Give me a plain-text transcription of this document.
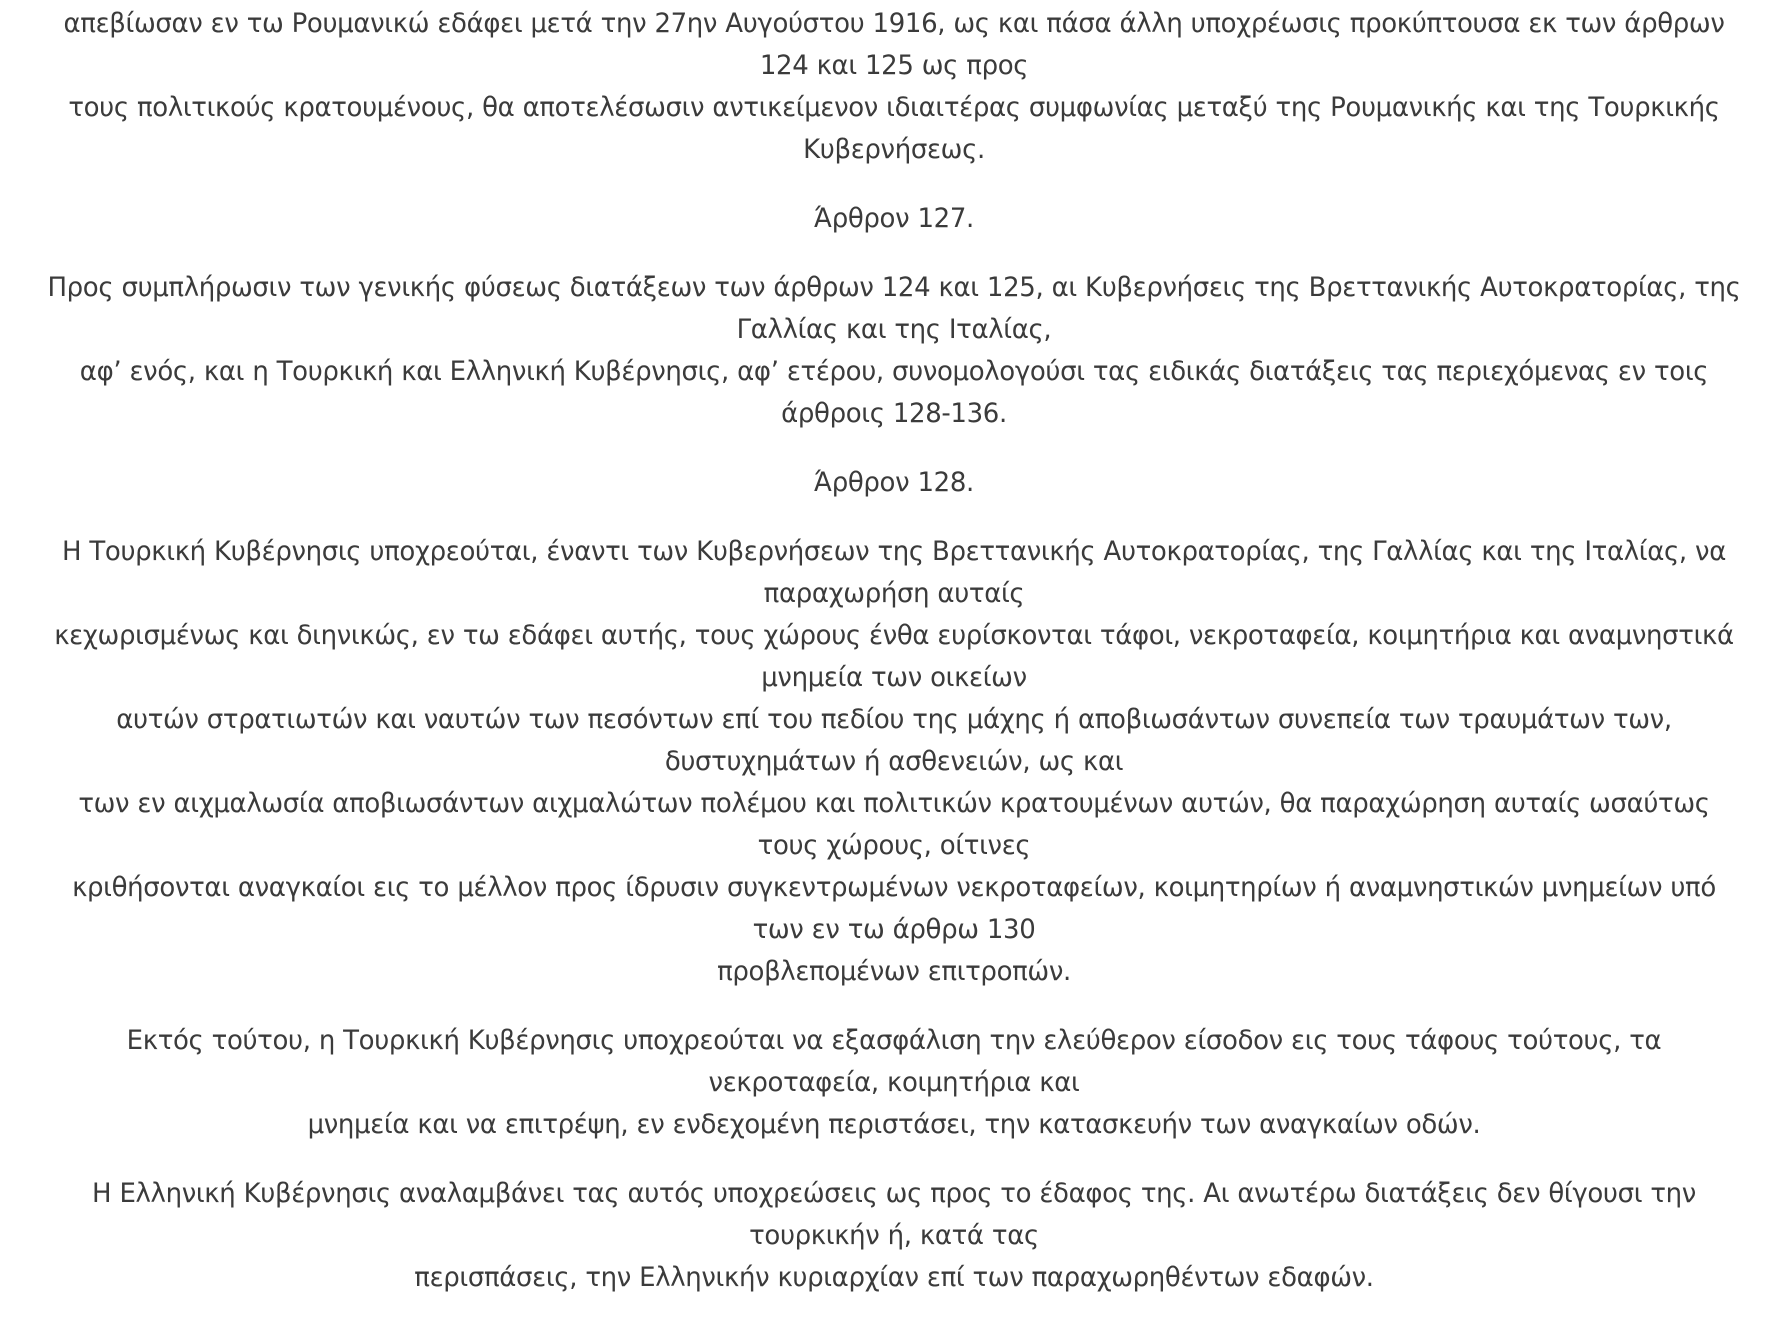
απεβίωσαν εν τω Ρουμανικώ εδάφει μετά την 27ην Αυγούστου 1916, ως και πάσα άλλη υποχρέωσις προκύπτουσα εκ των άρθρων 124 και 125 ως προς τους πολιτικούς κρατουμένους, θα αποτελέσωσιν αντικείμενον ιδιαιτέρας συμφωνίας μεταξύ της Ρουμανικής και της Τουρκικής Κυβερνήσεως.

Άρθρον 127.

Προς συμπλήρωσιν των γενικής φύσεως διατάξεων των άρθρων 124 και 125, αι Κυβερνήσεις της Βρεττανικής Αυτοκρατορίας, της Γαλλίας και της Ιταλίας, αφ’ ενός, και η Τουρκική και Ελληνική Κυβέρνησις, αφ’ ετέρου, συνομολογούσι τας ειδικάς διατάξεις τας περιεχόμενας εν τοις άρθροις 128-136.

Άρθρον 128.

Η Τουρκική Κυβέρνησις υποχρεούται, έναντι των Κυβερνήσεων της Βρεττανικής Αυτοκρατορίας, της Γαλλίας και της Ιταλίας, να παραχωρήση αυταίς κεχωρισμένως και διηνικώς, εν τω εδάφει αυτής, τους χώρους ένθα ευρίσκονται τάφοι, νεκροταφεία, κοιμητήρια και αναμνηστικά μνημεία των οικείων αυτών στρατιωτών και ναυτών των πεσόντων επί του πεδίου της μάχης ή αποβιωσάντων συνεπεία των τραυμάτων των, δυστυχημάτων ή ασθενειών, ως και των εν αιχμαλωσία αποβιωσάντων αιχμαλώτων πολέμου και πολιτικών κρατουμένων αυτών, θα παραχώρηση αυταίς ωσαύτως τους χώρους, οίτινες κριθήσονται αναγκαίοι εις το μέλλον προς ίδρυσιν συγκεντρωμένων νεκροταφείων, κοιμητηρίων ή αναμνηστικών μνημείων υπό των εν τω άρθρω 130 προβλεπομένων επιτροπών.

Εκτός τούτου, η Τουρκική Κυβέρνησις υποχρεούται να εξασφάλιση την ελεύθερον είσοδον εις τους τάφους τούτους, τα νεκροταφεία, κοιμητήρια και μνημεία και να επιτρέψη, εν ενδεχομένη περιστάσει, την κατασκευήν των αναγκαίων οδών.

Η Ελληνική Κυβέρνησις αναλαμβάνει τας αυτός υποχρεώσεις ως προς το έδαφος της. Αι ανωτέρω διατάξεις δεν θίγουσι την τουρκικήν ή, κατά τας περισπάσεις, την Ελληνικήν κυριαρχίαν επί των παραχωρηθέντων εδαφών.
